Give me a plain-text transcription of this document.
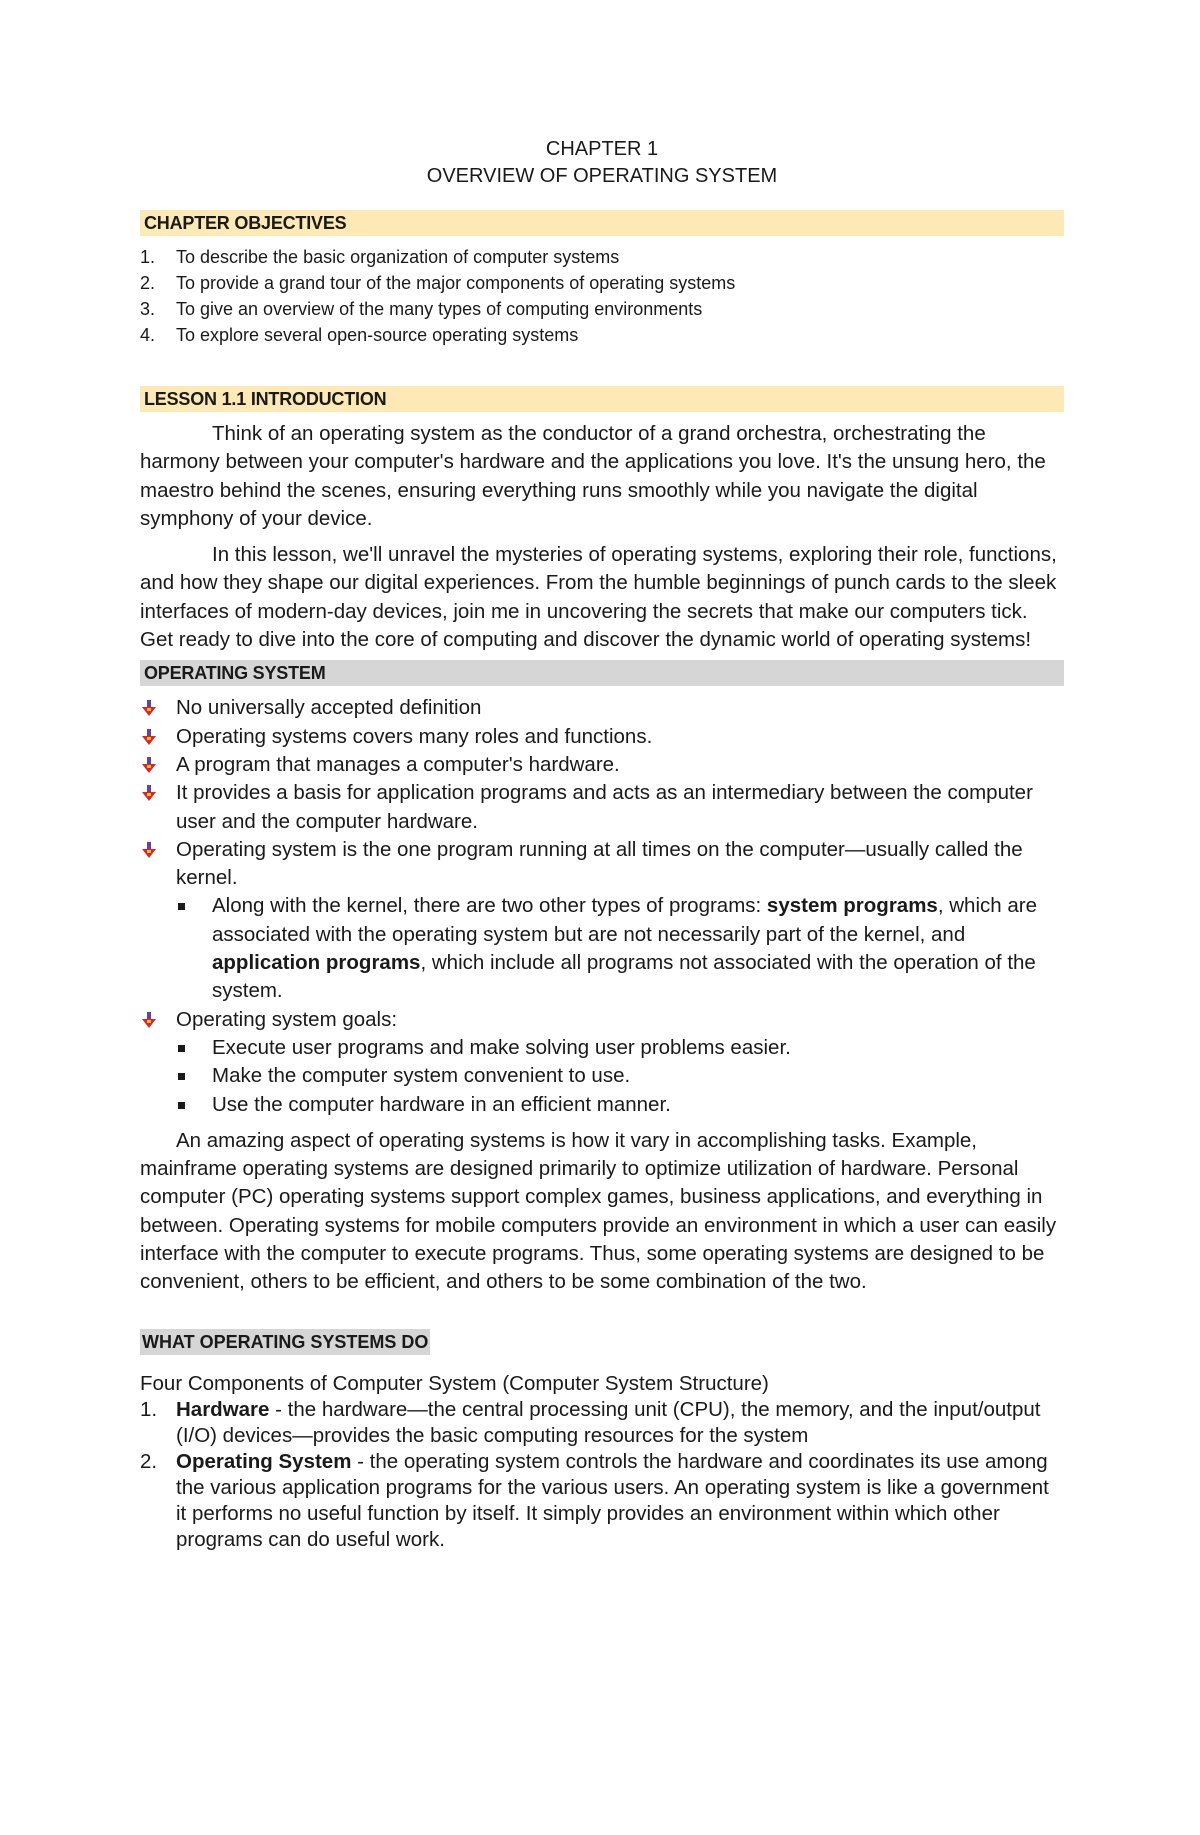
CHAPTER 1
OVERVIEW OF OPERATING SYSTEM
CHAPTER OBJECTIVES
1. To describe the basic organization of computer systems
2. To provide a grand tour of the major components of operating systems
3. To give an overview of the many types of computing environments
4. To explore several open-source operating systems
LESSON 1.1 INTRODUCTION

Think of an operating system as the conductor of a grand orchestra, orchestrating the harmony between your computer's hardware and the applications you love. It's the unsung hero, the maestro behind the scenes, ensuring everything runs smoothly while you navigate the digital symphony of your device.

In this lesson, we'll unravel the mysteries of operating systems, exploring their role, functions, and how they shape our digital experiences. From the humble beginnings of punch cards to the sleek interfaces of modern-day devices, join me in uncovering the secrets that make our computers tick. Get ready to dive into the core of computing and discover the dynamic world of operating systems!

OPERATING SYSTEM
No universally accepted definition
Operating systems covers many roles and functions.
A program that manages a computer's hardware.
It provides a basis for application programs and acts as an intermediary between the computer user and the computer hardware.
Operating system is the one program running at all times on the computer—usually called the kernel.
Along with the kernel, there are two other types of programs: system programs, which are associated with the operating system but are not necessarily part of the kernel, and application programs, which include all programs not associated with the operation of the system.
Operating system goals:
Execute user programs and make solving user problems easier.
Make the computer system convenient to use.
Use the computer hardware in an efficient manner.

An amazing aspect of operating systems is how it vary in accomplishing tasks. Example, mainframe operating systems are designed primarily to optimize utilization of hardware. Personal computer (PC) operating systems support complex games, business applications, and everything in between. Operating systems for mobile computers provide an environment in which a user can easily interface with the computer to execute programs. Thus, some operating systems are designed to be convenient, others to be efficient, and others to be some combination of the two.

WHAT OPERATING SYSTEMS DO
Four Components of Computer System (Computer System Structure)
1. Hardware - the hardware—the central processing unit (CPU), the memory, and the input/output (I/O) devices—provides the basic computing resources for the system
2. Operating System - the operating system controls the hardware and coordinates its use among the various application programs for the various users. An operating system is like a government it performs no useful function by itself. It simply provides an environment within which other programs can do useful work.
